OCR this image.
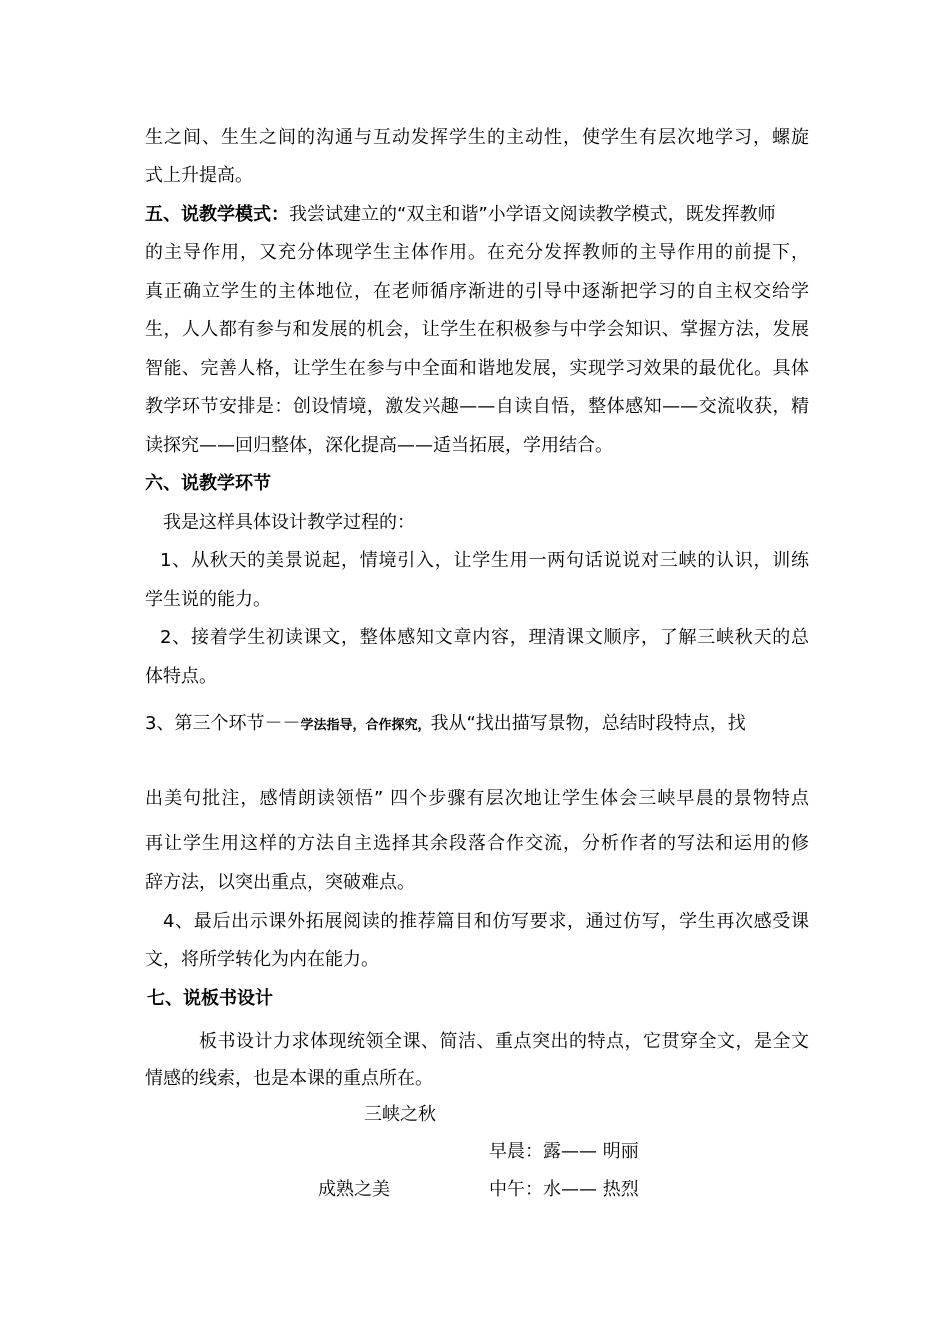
生之间、生生之间的沟通与互动发挥学生的主动性，使学生有层次地学习，螺旋
式上升提高。
五、说教学模式：我尝试建立的“双主和谐”小学语文阅读教学模式，既发挥教师
的主导作用，又充分体现学生主体作用。在充分发挥教师的主导作用的前提下，
真正确立学生的主体地位，在老师循序渐进的引导中逐渐把学习的自主权交给学
生，人人都有参与和发展的机会，让学生在积极参与中学会知识、掌握方法，发展
智能、完善人格，让学生在参与中全面和谐地发展，实现学习效果的最优化。具体
教学环节安排是：创设情境，激发兴趣——自读自悟，整体感知——交流收获，精
读探究——回归整体，深化提高——适当拓展，学用结合。
六、说教学环节
我是这样具体设计教学过程的：
1、从秋天的美景说起，情境引入，让学生用一两句话说说对三峡的认识，训练
学生说的能力。
2、接着学生初读课文，整体感知文章内容，理清课文顺序，了解三峡秋天的总
体特点。
3、第三个环节－－学法指导，合作探究，我从“找出描写景物，总结时段特点，找
出美句批注，感情朗读领悟” 四个步骤有层次地让学生体会三峡早晨的景物特点
再让学生用这样的方法自主选择其余段落合作交流，分析作者的写法和运用的修
辞方法，以突出重点，突破难点。
4、最后出示课外拓展阅读的推荐篇目和仿写要求，通过仿写，学生再次感受课
文，将所学转化为内在能力。
七、说板书设计
板书设计力求体现统领全课、简洁、重点突出的特点，它贯穿全文，是全文
情感的线索，也是本课的重点所在。
三峡之秋
早晨：露—— 明丽
成熟之美	中午：水—— 热烈
